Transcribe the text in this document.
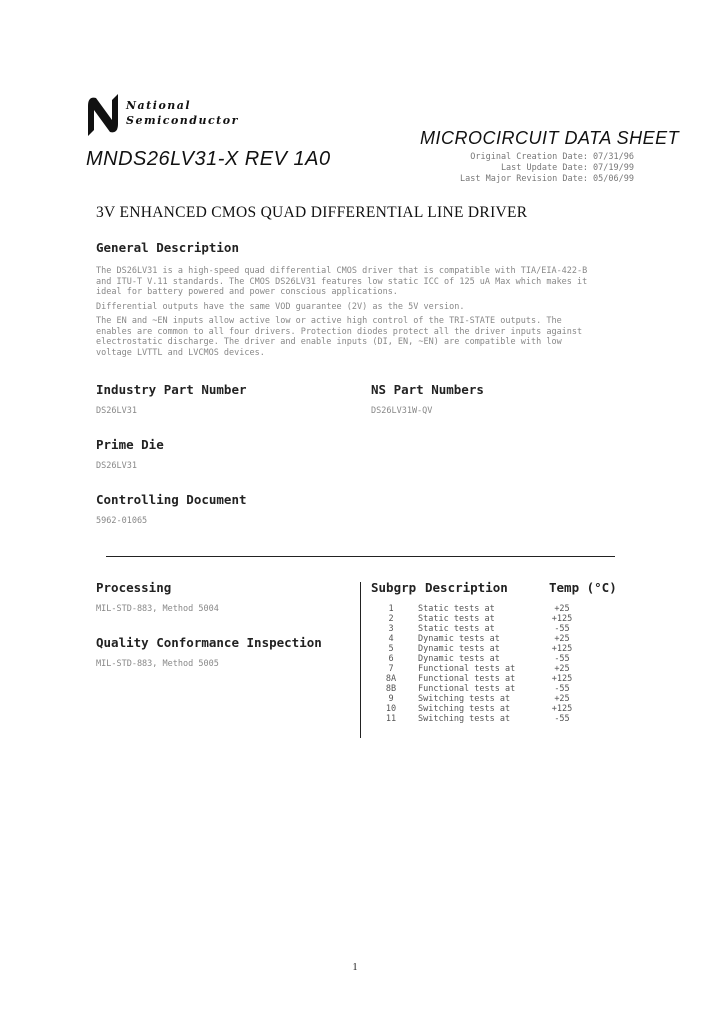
National
Semiconductor
MNDS26LV31-X REV 1A0
MICROCIRCUIT DATA SHEET
Original Creation Date: 07/31/96
Last Update Date: 07/19/99
Last Major Revision Date: 05/06/99
3V ENHANCED CMOS QUAD DIFFERENTIAL LINE DRIVER
General Description

The DS26LV31 is a high-speed quad differential CMOS driver that is compatible with TIA/EIA-422-B and ITU-T V.11 standards. The CMOS DS26LV31 features low static ICC of 125 uA Max which makes it ideal for battery powered and power conscious applications.

Differential outputs have the same VOD guarantee (2V) as the 5V version.

The EN and ~EN inputs allow active low or active high control of the TRI-STATE outputs. The enables are common to all four drivers. Protection diodes protect all the driver inputs against electrostatic discharge. The driver and enable inputs (DI, EN, ~EN) are compatible with low voltage LVTTL and LVCMOS devices.

Industry Part Number
DS26LV31
NS Part Numbers
DS26LV31W-QV
Prime Die
DS26LV31
Controlling Document
5962-01065
Processing
MIL-STD-883, Method 5004
Quality Conformance Inspection
MIL-STD-883, Method 5005
Subgrp Description	Temp (°C)
1	Static tests at	+25
2	Static tests at	+125
3	Static tests at	-55
4	Dynamic tests at	+25
5	Dynamic tests at	+125
6	Dynamic tests at	-55
7	Functional tests at	+25
8A	Functional tests at	+125
8B	Functional tests at	-55
9	Switching tests at	+25
10	Switching tests at	+125
11	Switching tests at	-55
1
